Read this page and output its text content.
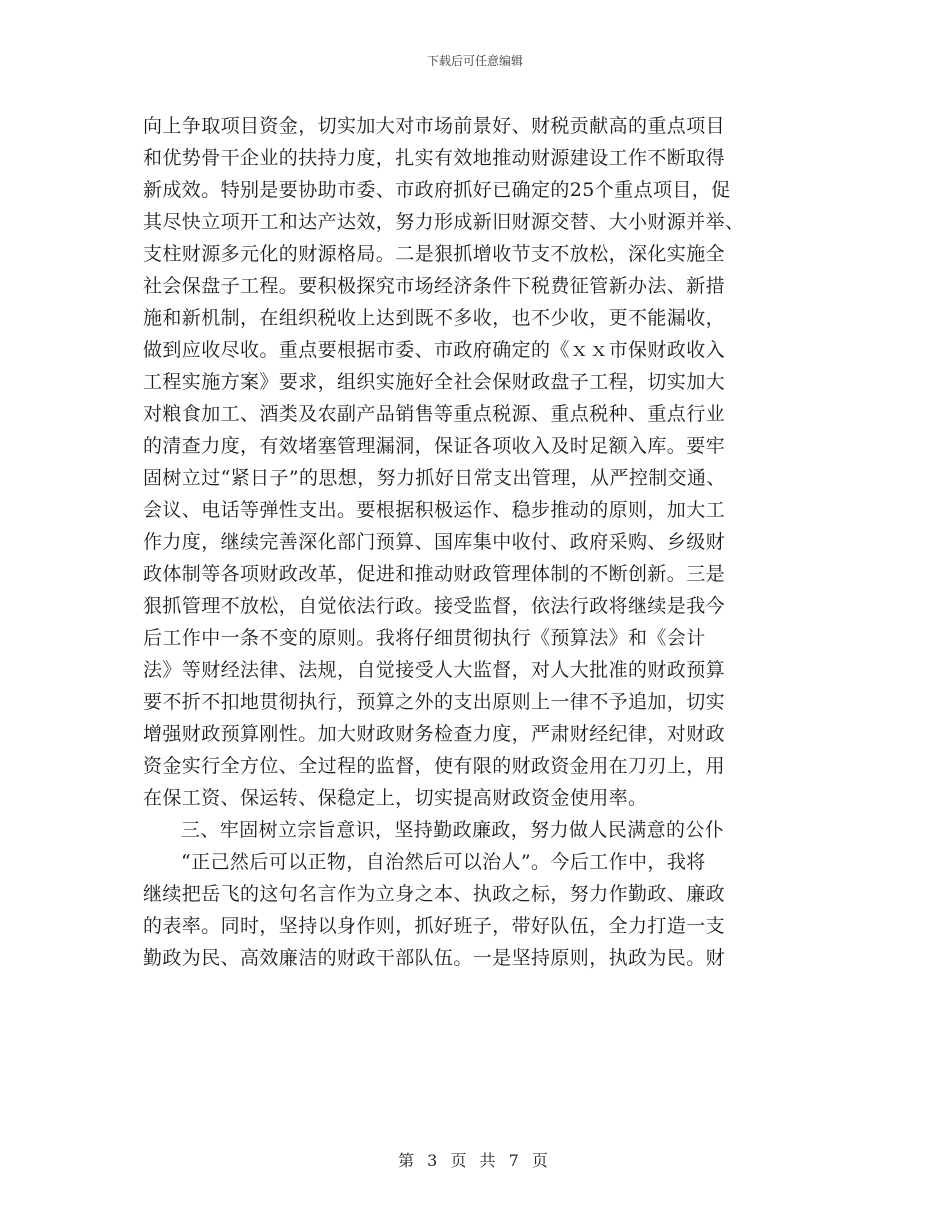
下载后可任意编辑
向上争取项目资金，切实加大对市场前景好、财税贡献高的重点项目
和优势骨干企业的扶持力度，扎实有效地推动财源建设工作不断取得
新成效。特别是要协助市委、市政府抓好已确定的25个重点项目，促
其尽快立项开工和达产达效，努力形成新旧财源交替、大小财源并举、
支柱财源多元化的财源格局。二是狠抓增收节支不放松，深化实施全
社会保盘子工程。要积极探究市场经济条件下税费征管新办法、新措
施和新机制，在组织税收上达到既不多收，也不少收，更不能漏收，
做到应收尽收。重点要根据市委、市政府确定的《ｘｘ市保财政收入
工程实施方案》要求，组织实施好全社会保财政盘子工程，切实加大
对粮食加工、酒类及农副产品销售等重点税源、重点税种、重点行业
的清查力度，有效堵塞管理漏洞，保证各项收入及时足额入库。要牢
固树立过“紧日子”的思想，努力抓好日常支出管理，从严控制交通、
会议、电话等弹性支出。要根据积极运作、稳步推动的原则，加大工
作力度，继续完善深化部门预算、国库集中收付、政府采购、乡级财
政体制等各项财政改革，促进和推动财政管理体制的不断创新。三是
狠抓管理不放松，自觉依法行政。接受监督，依法行政将继续是我今
后工作中一条不变的原则。我将仔细贯彻执行《预算法》和《会计
法》等财经法律、法规，自觉接受人大监督，对人大批准的财政预算
要不折不扣地贯彻执行，预算之外的支出原则上一律不予追加，切实
增强财政预算刚性。加大财政财务检查力度，严肃财经纪律，对财政
资金实行全方位、全过程的监督，使有限的财政资金用在刀刃上，用
在保工资、保运转、保稳定上，切实提高财政资金使用率。
三、牢固树立宗旨意识，坚持勤政廉政，努力做人民满意的公仆
“正己然后可以正物，自治然后可以治人”。今后工作中，我将
继续把岳飞的这句名言作为立身之本、执政之标，努力作勤政、廉政
的表率。同时，坚持以身作则，抓好班子，带好队伍，全力打造一支
勤政为民、高效廉洁的财政干部队伍。一是坚持原则，执政为民。财
第 3 页 共 7 页
